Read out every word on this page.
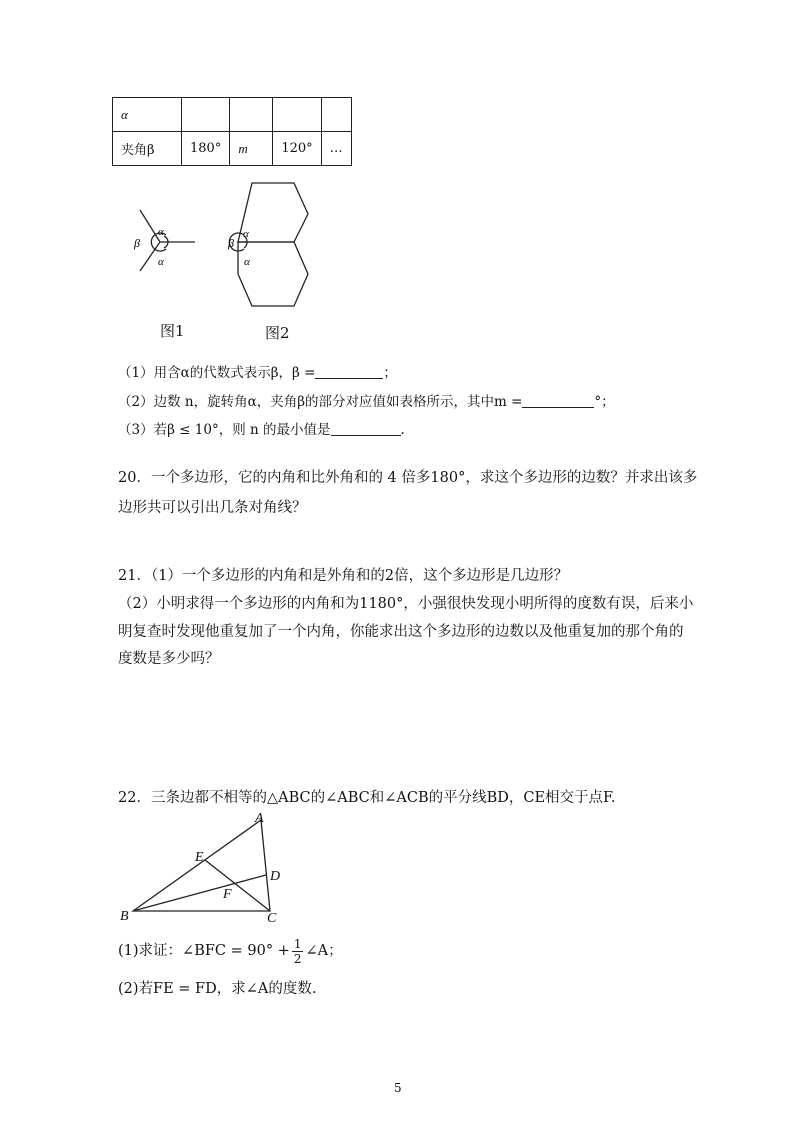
α				
夹角β	180°	m	120°	…
α
β
α
α
β
α
图1	图2
（1）用含α的代数式表示β，β =	；
（2）边数 n，旋转角α，夹角β的部分对应值如表格所示，其中m =	°；
（3）若β ≤ 10°，则 n 的最小值是	.
20．一个多边形，它的内角和比外角和的 4 倍多180°，求这个多边形的边数？并求出该多
边形共可以引出几条对角线？
21．（1）一个多边形的内角和是外角和的2倍，这个多边形是几边形？
（2）小明求得一个多边形的内角和为1180°，小强很快发现小明所得的度数有误，后来小
明复查时发现他重复加了一个内角，你能求出这个多边形的边数以及他重复加的那个角的
度数是多少吗？
22．三条边都不相等的△ABC的∠ABC和∠ACB的平分线BD，CE相交于点F.
A
B	C
D
E
F
(1)求证：∠BFC = $90^\circ + \frac{1}{2}$ ∠A；
(2)若FE = FD，求∠A的度数.
5
